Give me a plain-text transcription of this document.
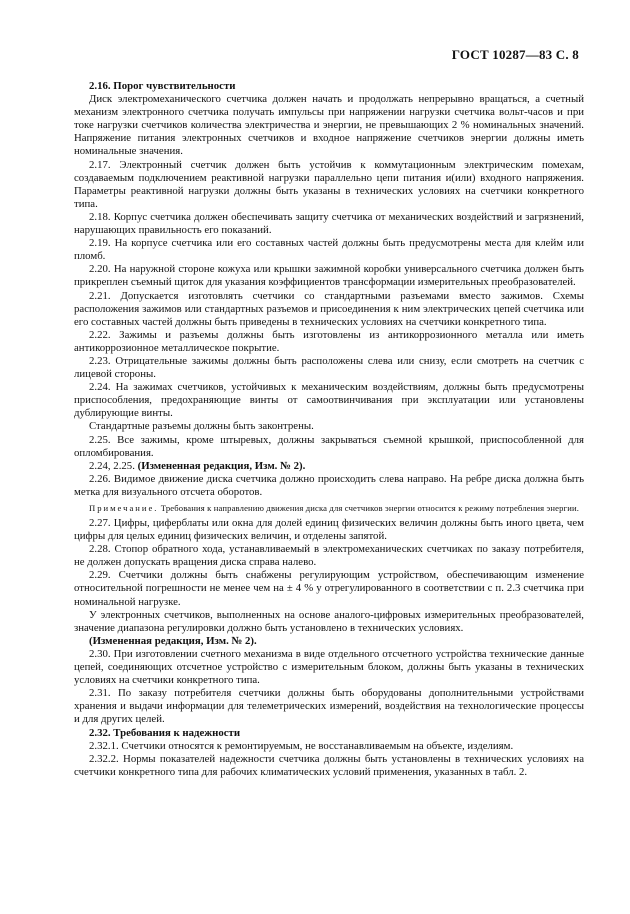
ГОСТ 10287—83 С. 8

2.16. Порог чувствительности

Диск электромеханического счетчика должен начать и продолжать непрерывно вращаться, а счетный механизм электронного счетчика получать импульсы при напряжении нагрузки счетчика вольт-часов и при токе нагрузки счетчиков количества электричества и энергии, не превышающих 2 % номинальных значений. Напряжение питания электронных счетчиков и входное напряжение счетчиков энергии должны иметь номинальные значения.

2.17. Электронный счетчик должен быть устойчив к коммутационным электрическим помехам, создаваемым подключением реактивной нагрузки параллельно цепи питания и(или) входного напряжения. Параметры реактивной нагрузки должны быть указаны в технических условиях на счетчики конкретного типа.

2.18. Корпус счетчика должен обеспечивать защиту счетчика от механических воздействий и загрязнений, нарушающих правильность его показаний.

2.19. На корпусе счетчика или его составных частей должны быть предусмотрены места для клейм или пломб.

2.20. На наружной стороне кожуха или крышки зажимной коробки универсального счетчика должен быть прикреплен съемный щиток для указания коэффициентов трансформации измерительных преобразователей.

2.21. Допускается изготовлять счетчики со стандартными разъемами вместо зажимов. Схемы расположения зажимов или стандартных разъемов и присоединения к ним электрических цепей счетчика или его составных частей должны быть приведены в технических условиях на счетчики конкретного типа.

2.22. Зажимы и разъемы должны быть изготовлены из антикоррозионного металла или иметь антикоррозионное металлическое покрытие.

2.23. Отрицательные зажимы должны быть расположены слева или снизу, если смотреть на счетчик с лицевой стороны.

2.24. На зажимах счетчиков, устойчивых к механическим воздействиям, должны быть предусмотрены приспособления, предохраняющие винты от самоотвинчивания при эксплуатации или установлены дублирующие винты.

Стандартные разъемы должны быть законтрены.

2.25. Все зажимы, кроме штыревых, должны закрываться съемной крышкой, приспособленной для опломбирования.

2.24, 2.25. (Измененная редакция, Изм. № 2).

2.26. Видимое движение диска счетчика должно происходить слева направо. На ребре диска должна быть метка для визуального отсчета оборотов.

Примечание. Требования к направлению движения диска для счетчиков энергии относится к режиму потребления энергии.

2.27. Цифры, циферблаты или окна для долей единиц физических величин должны быть иного цвета, чем цифры для целых единиц физических величин, и отделены запятой.

2.28. Стопор обратного хода, устанавливаемый в электромеханических счетчиках по заказу потребителя, не должен допускать вращения диска справа налево.

2.29. Счетчики должны быть снабжены регулирующим устройством, обеспечивающим изменение относительной погрешности не менее чем на ± 4 % у отрегулированного в соответствии с п. 2.3 счетчика при номинальной нагрузке.

У электронных счетчиков, выполненных на основе аналого-цифровых измерительных преобразователей, значение диапазона регулировки должно быть установлено в технических условиях.

(Измененная редакция, Изм. № 2).

2.30. При изготовлении счетного механизма в виде отдельного отсчетного устройства технические данные цепей, соединяющих отсчетное устройство с измерительным блоком, должны быть указаны в технических условиях на счетчики конкретного типа.

2.31. По заказу потребителя счетчики должны быть оборудованы дополнительными устройствами хранения и выдачи информации для телеметрических измерений, воздействия на технологические процессы и для других целей.

2.32. Требования к надежности

2.32.1. Счетчики относятся к ремонтируемым, не восстанавливаемым на объекте, изделиям.

2.32.2. Нормы показателей надежности счетчика должны быть установлены в технических условиях на счетчики конкретного типа для рабочих климатических условий применения, указанных в табл. 2.
